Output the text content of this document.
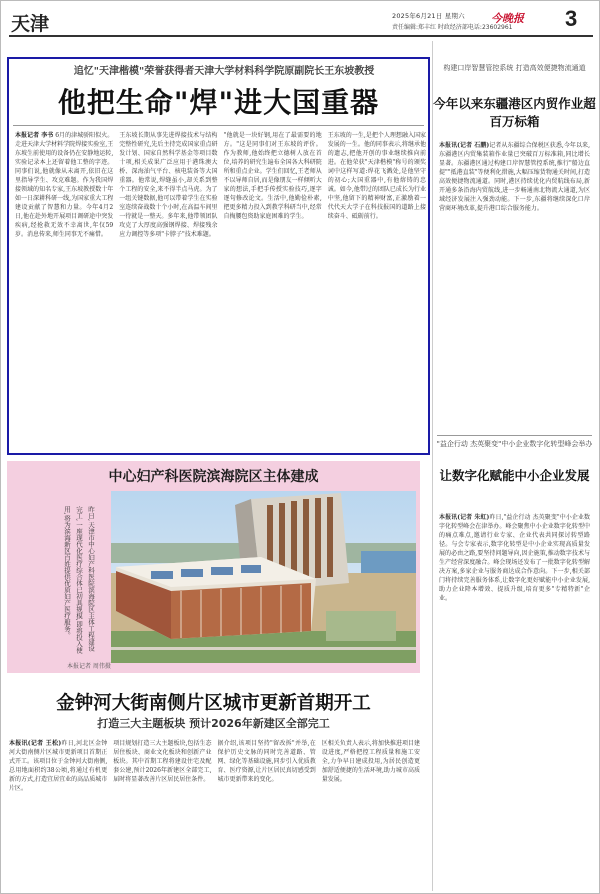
天津	2025年6月21日 星期六
责任编辑:郑丰红 时政经济部电话:23602961
今晚报 3
追忆"天津楷模"荣誉获得者天津大学材料科学院原副院长王东坡教授
他把生命"焊"进大国重器
本报记者 李书 6月的津城骄阳似火。走进天津大学材料学院焊接实验室,王东坡生前使用的设备仍在安静地运转,实验记录本上还留着他工整的字迹。同事们说,他就像从未离开,依旧在这里指导学生、攻克难题。作为我国焊接领域的知名专家,王东坡教授数十年如一日深耕科研一线,为国家重大工程建设贡献了智慧和力量。今年4月2日,他在赴外地开展项目调研途中突发疾病,经抢救无效不幸离世,年仅59岁。消息传来,师生同事无不痛惜。
王东坡长期从事先进焊接技术与结构完整性研究,先后主持完成国家重点研发计划、国家自然科学基金等项目数十项,相关成果广泛应用于港珠澳大桥、深海油气平台、核电装备等大国重器。他常说,焊缝虽小,却关系到整个工程的安全,来不得半点马虎。为了一组关键数据,他可以带着学生在实验室连续奋战数十个小时,在高温车间里一待就是一整天。多年来,他带领团队攻克了大厚度高强钢焊接、焊接残余应力调控等多项"卡脖子"技术难题。
"他就是一块好钢,用在了最需要的地方。"这是同事们对王东坡的评价。作为教师,他始终把立德树人放在首位,培养的研究生遍布全国各大科研院所和重点企业。学生们回忆,王老师从不以导师自居,而是像朋友一样倾听大家的想法,手把手传授实验技巧,逐字逐句修改论文。生活中,他勤俭朴素,把更多精力投入到教学科研当中,经常自掏腰包资助家庭困难的学生。
王东坡的一生,是把个人理想融入国家发展的一生。他的同事表示,将继承他的遗志,把他开创的事业继续推向前进。在他荣获"天津楷模"称号的颁奖词中这样写道:焊花飞溅处,是他坚守的初心;大国重器中,有他熔铸的忠诚。如今,他带过的团队已成长为行业中坚,他留下的精神财富,正激励着一代代天大学子在科技报国的道路上接续奋斗、砥砺前行。
中心妇产科医院滨海院区主体建成
昨日,天津市中心妇产科医院滨海院区主体工程建设完工,一座现代化医疗综合体已初具规模,即将投入使用,将为滨海新区百姓提供优质妇产医疗服务。
本报记者 周伟摄
金钟河大街南侧片区城市更新首期开工
打造三大主题板块 预计2026年新建区全部完工
本报讯(记者 王松)昨日,河北区金钟河大街南侧片区城市更新项目首期正式开工。该项目位于金钟河大街南侧,总用地面积约38公顷,将通过有机更新的方式,打造宜居宜业的高品质城市片区。
项目规划打造三大主题板块,包括生态居住板块、商业文化板块和创新产业板块。其中首期工程将建设住宅及配套公建,预计2026年新建区全部完工,届时将显著改善片区居民居住条件。
据介绍,该项目坚持"留改拆"并举,在保护历史文脉的同时完善道路、管网、绿化等基础设施,同步引入优质教育、医疗资源,让片区居民真切感受到城市更新带来的变化。
区相关负责人表示,将加快推进项目建设进度,严格把控工程质量和施工安全,力争早日建成投用,为居民创造更加舒适便捷的生活环境,助力城市高质量发展。
构建口岸智慧管控系统 打造高效便捷物流通道
今年以来东疆港区内贸作业超百万标箱
本报讯(记者 石鹏)记者从东疆综合保税区获悉,今年以来,东疆港区内贸集装箱作业量已突破百万标准箱,同比增长显著。东疆港区通过构建口岸智慧管控系统,推行"船边直提""抵港直装"等便利化措施,大幅压缩货物通关时间,打造高效便捷物流通道。同时,港区持续优化内贸航线布局,新开通多条沿海内贸航线,进一步畅通南北物流大通道,为区域经济发展注入强劲动能。下一步,东疆将继续深化口岸营商环境改革,提升港口综合服务能力。
"益企行动 杰英聚变"中小企业数字化转型峰会举办
让数字化赋能中小企业发展
本报讯(记者 朱虹)昨日,"益企行动 杰英聚变"中小企业数字化转型峰会在津举办。峰会聚焦中小企业数字化转型中的痛点难点,邀请行业专家、企业代表共同探讨转型路径。与会专家表示,数字化转型是中小企业实现高质量发展的必由之路,要坚持问题导向,因企施策,推动数字技术与生产经营深度融合。峰会现场还发布了一批数字化转型解决方案,多家企业与服务商达成合作意向。下一步,相关部门将持续完善服务体系,让数字化更好赋能中小企业发展,助力企业降本增效、提质升级,培育更多"专精特新"企业。
